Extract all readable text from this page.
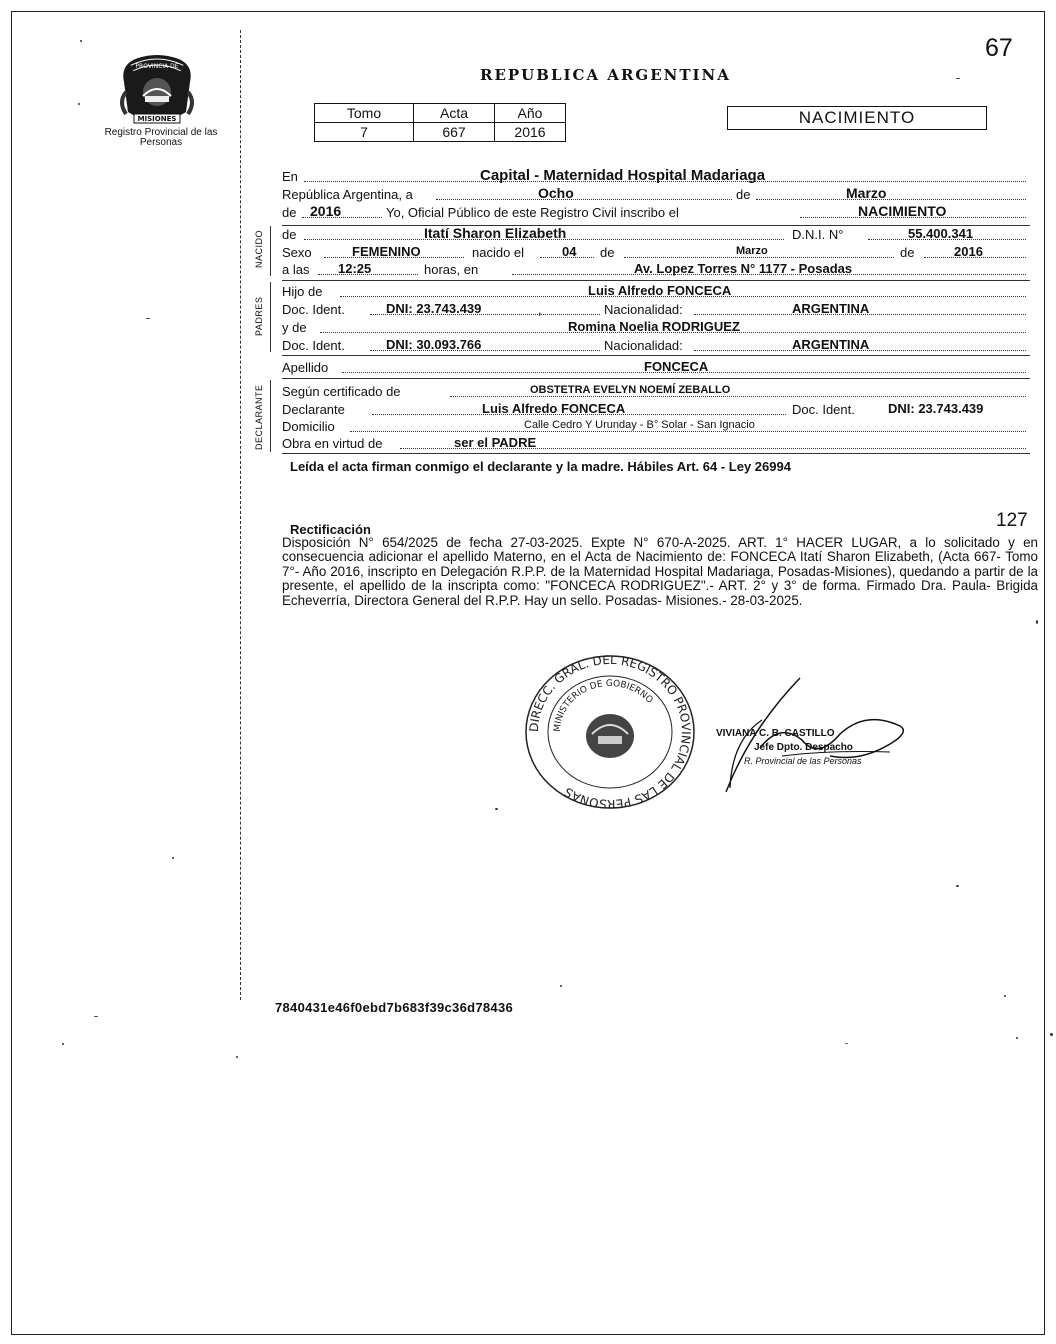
PROVINCIA DE
MISIONES
Registro Provincial de las Personas
67
REPUBLICA ARGENTINA
Tomo	Acta	Año
7	667	2016
NACIMIENTO
En	Capital - Maternidad Hospital Madariaga
República Argentina, a	Ocho	de	Marzo
de 2016	Yo, Oficial Público de este Registro Civil inscribo el	NACIMIENTO
NACIDO de	Itatí Sharon Elizabeth	D.N.I. N°	55.400.341
Sexo	FEMENINO	nacido el	04 de	Marzo	de	2016
a las 12:25	horas, en	Av. Lopez Torres N° 1177 - Posadas
PADRES
Hijo de	Luis Alfredo FONCECA
Doc. Ident.	DNI: 23.743.439	,	Nacionalidad:	ARGENTINA
y de	Romina Noelia RODRIGUEZ
Doc. Ident.	DNI: 30.093.766	Nacionalidad:	ARGENTINA
Apellido	FONCECA
DECLARANTE Según certificado de	OBSTETRA EVELYN NOEMÍ ZEBALLO
Declarante	Luis Alfredo FONCECA	Doc. Ident.	DNI: 23.743.439
Domicilio	Calle Cedro Y Urunday - B° Solar - San Ignacio
Obra en virtud de	ser el PADRE
Leída el acta firman conmigo el declarante y la madre. Hábiles Art. 64 - Ley 26994
127
Rectificación
Disposición N° 654/2025 de fecha 27-03-2025. Expte N° 670-A-2025. ART. 1° HACER LUGAR, a lo solicitado y en consecuencia adicionar el apellido Materno, en el Acta de Nacimiento de: FONCECA Itatí Sharon Elizabeth, (Acta 667- Tomo 7°- Año 2016, inscripto en Delegación R.P.P. de la Maternidad Hospital Madariaga, Posadas-Misiones), quedando a partir de la presente, el apellido de la inscripta como: "FONCECA RODRIGUEZ".- ART. 2° y 3° de forma. Firmado Dra. Paula- Brigida Echeverría, Directora General del R.P.P. Hay un sello. Posadas- Misiones.- 28-03-2025.
DIRECC. GRAL. DEL REGISTRO PROVINCIAL DE LAS PERSONAS
MINISTERIO DE GOBIERNO
VIVIANA C. B. CASTILLO
Jefe Dpto. Despacho
R. Provincial de las Personas
7840431e46f0ebd7b683f39c36d78436
